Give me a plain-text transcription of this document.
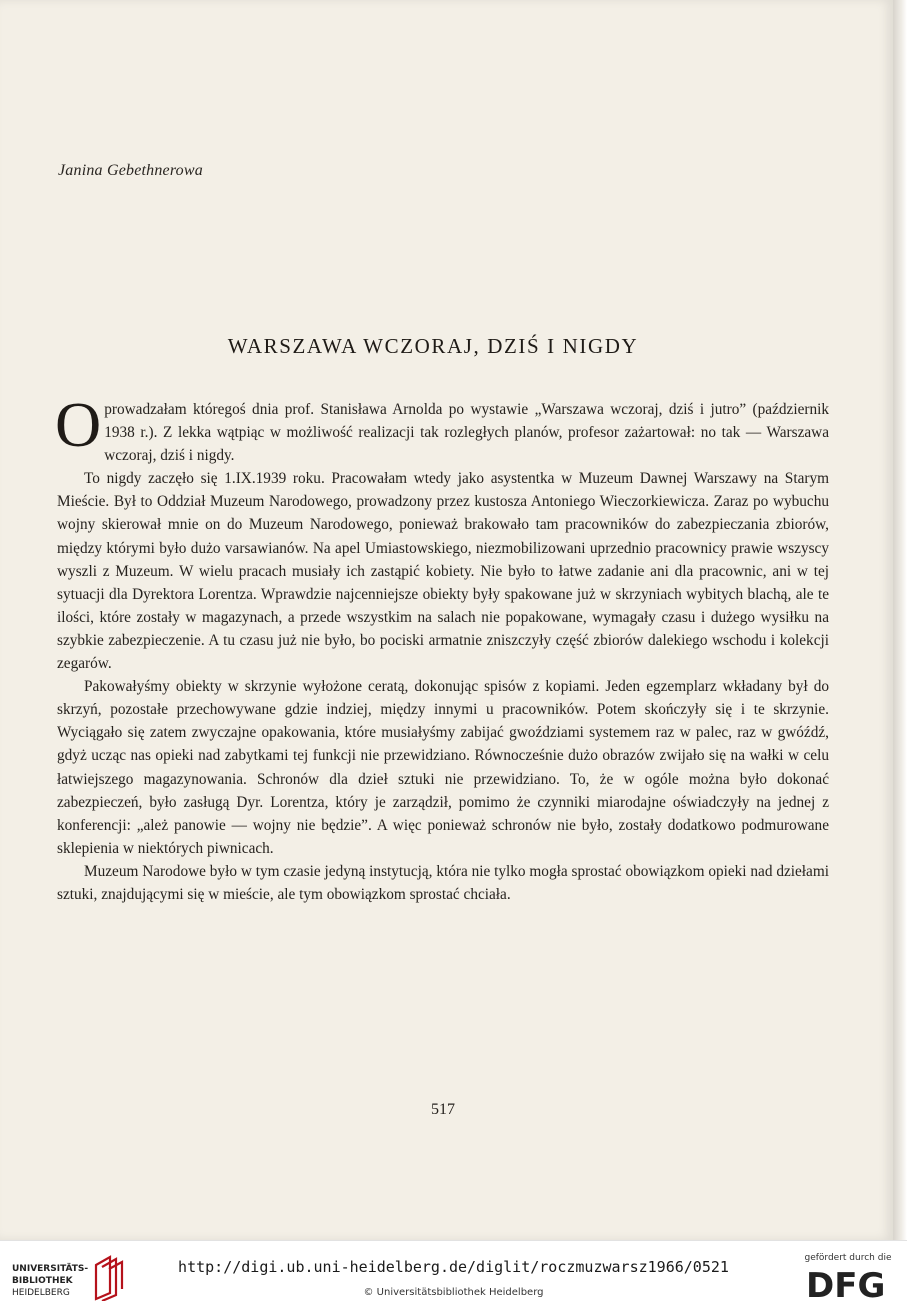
Janina Gebethnerowa
WARSZAWA WCZORAJ, DZIŚ I NIGDY

Oprowadzałam któregoś dnia prof. Stanisława Arnolda po wystawie „Warszawa wczoraj, dziś i jutro” (październik 1938 r.). Z lekka wątpiąc w możliwość realizacji tak rozległych planów, profesor zażartował: no tak — Warszawa wczoraj, dziś i nigdy.

To nigdy zaczęło się 1.IX.1939 roku. Pracowałam wtedy jako asystentka w Muzeum Dawnej Warszawy na Starym Mieście. Był to Oddział Muzeum Narodowego, prowadzony przez kustosza Antoniego Wieczorkiewicza. Zaraz po wybuchu wojny skierował mnie on do Muzeum Narodowego, ponieważ brakowało tam pracowników do zabezpieczania zbiorów, między którymi było dużo varsawianów. Na apel Umiastowskiego, niezmobilizowani uprzednio pracownicy prawie wszyscy wyszli z Muzeum. W wielu pracach musiały ich zastąpić kobiety. Nie było to łatwe zadanie ani dla pracownic, ani w tej sytuacji dla Dyrektora Lorentza. Wprawdzie najcenniejsze obiekty były spakowane już w skrzyniach wybitych blachą, ale te ilości, które zostały w magazynach, a przede wszystkim na salach nie popakowane, wymagały czasu i dużego wysiłku na szybkie zabezpieczenie. A tu czasu już nie było, bo pociski armatnie zniszczyły część zbiorów dalekiego wschodu i kolekcji zegarów.

Pakowałyśmy obiekty w skrzynie wyłożone ceratą, dokonując spisów z kopiami. Jeden egzemplarz wkładany był do skrzyń, pozostałe przechowywane gdzie indziej, między innymi u pracowników. Potem skończyły się i te skrzynie. Wyciągało się zatem zwyczajne opakowania, które musiałyśmy zabijać gwoździami systemem raz w palec, raz w gwóźdź, gdyż ucząc nas opieki nad zabytkami tej funkcji nie przewidziano. Równocześnie dużo obrazów zwijało się na wałki w celu łatwiejszego magazynowania. Schronów dla dzieł sztuki nie przewidziano. To, że w ogóle można było dokonać zabezpieczeń, było zasługą Dyr. Lorentza, który je zarządził, pomimo że czynniki miarodajne oświadczyły na jednej z konferencji: „ależ panowie — wojny nie będzie”. A więc ponieważ schronów nie było, zostały dodatkowo podmurowane sklepienia w niektórych piwnicach.

Muzeum Narodowe było w tym czasie jedyną instytucją, która nie tylko mogła sprostać obowiązkom opieki nad dziełami sztuki, znajdującymi się w mieście, ale tym obowiązkom sprostać chciała.

517
UNIVERSITÄTS-
BIBLIOTHEK
HEIDELBERG
http://digi.ub.uni-heidelberg.de/diglit/roczmuzwarsz1966/0521
© Universitätsbibliothek Heidelberg
gefördert durch die
DFG
